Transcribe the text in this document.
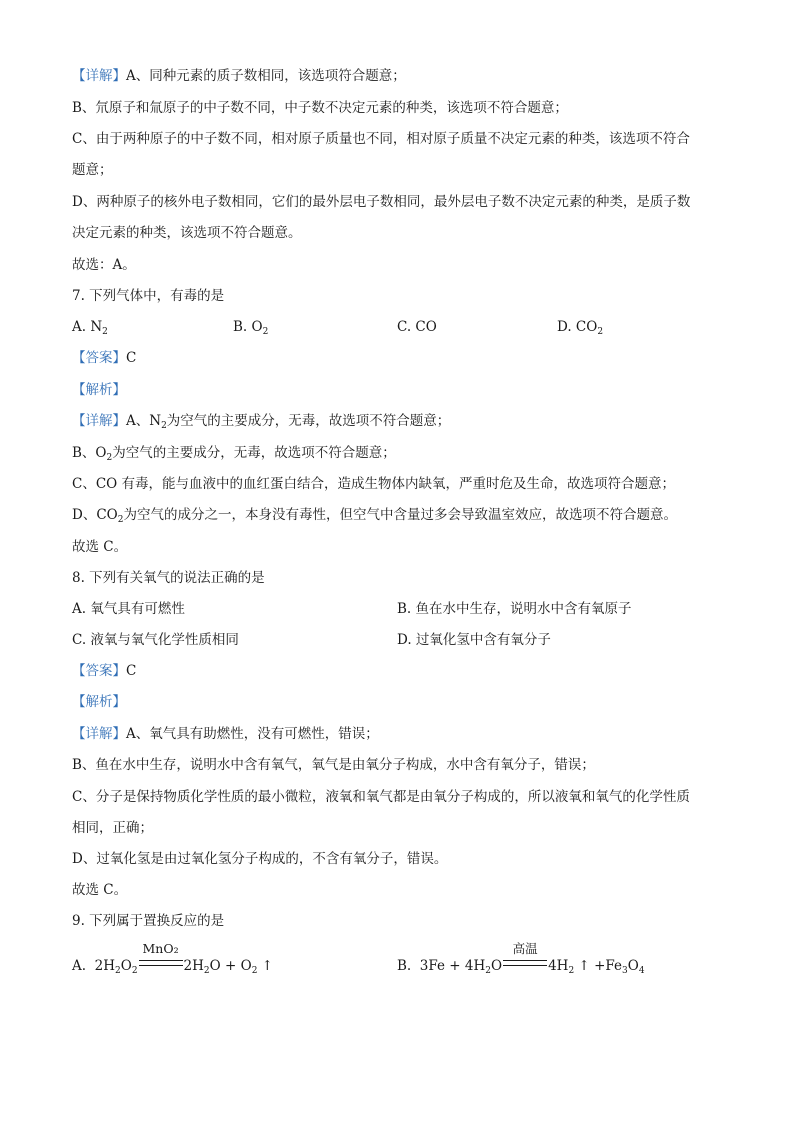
【详解】A、同种元素的质子数相同，该选项符合题意；
B、氘原子和氚原子的中子数不同，中子数不决定元素的种类，该选项不符合题意；
C、由于两种原子的中子数不同，相对原子质量也不同，相对原子质量不决定元素的种类，该选项不符合
题意；
D、两种原子的核外电子数相同，它们的最外层电子数相同，最外层电子数不决定元素的种类，是质子数
决定元素的种类，该选项不符合题意。
故选：A。
7. 下列气体中，有毒的是
A. $N_2$	B. $O_2$	C. CO	D. $CO_2$
【答案】C
【解析】
【详解】A、$N_2$为空气的主要成分，无毒，故选项不符合题意；
B、$O_2$为空气的主要成分，无毒，故选项不符合题意；
C、CO 有毒，能与血液中的血红蛋白结合，造成生物体内缺氧，严重时危及生命，故选项符合题意；
D、$CO_2$为空气的成分之一，本身没有毒性，但空气中含量过多会导致温室效应，故选项不符合题意。
故选 C。
8. 下列有关氧气的说法正确的是
A. 氧气具有可燃性	B. 鱼在水中生存，说明水中含有氧原子
C. 液氧与氧气化学性质相同	D. 过氧化氢中含有氧分子
【答案】C
【解析】
【详解】A、氧气具有助燃性，没有可燃性，错误；
B、鱼在水中生存，说明水中含有氧气，氧气是由氧分子构成，水中含有氧分子，错误；
C、分子是保持物质化学性质的最小微粒，液氧和氧气都是由氧分子构成的，所以液氧和氧气的化学性质
相同，正确；
D、过氧化氢是由过氧化氢分子构成的，不含有氧分子，错误。
故选 C。
9. 下列属于置换反应的是
A.  $2H_2O_2$
MnO₂
$2H_2O + O_2$ ↑	B.  $3Fe + 4H_2O$
高温
$4H_2$ ↑ $+Fe_3O_4$
